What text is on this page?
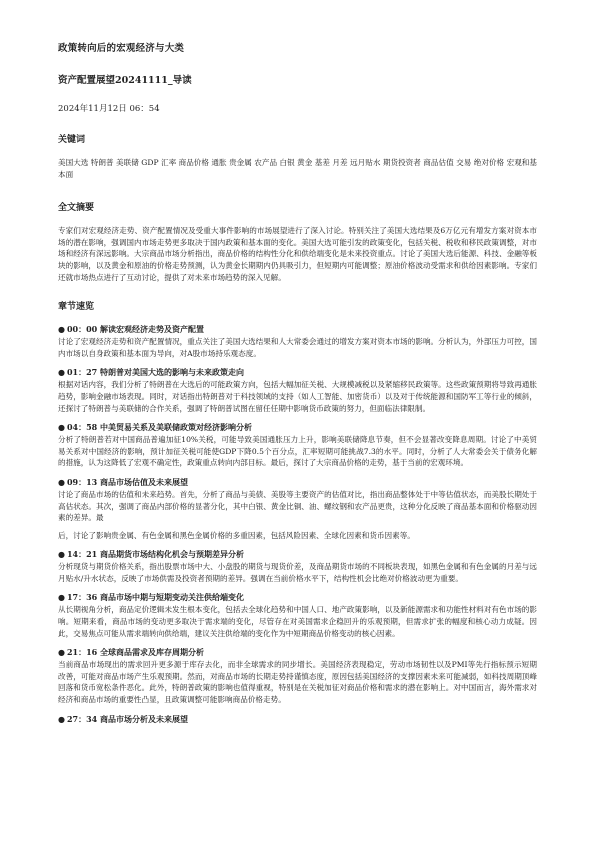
政策转向后的宏观经济与大类
资产配置展望20241111_导读
2024年11月12日 06：54
关键词

美国大选 特朗普 美联储 GDP 汇率 商品价格 通胀 贵金属 农产品 白银 黄金 基差 月差 远月贴水 期货投资者 商品估值 交易 绝对价格 宏观和基本面

全文摘要

专家们对宏观经济走势、资产配置情况及受重大事件影响的市场展望进行了深入讨论。特别关注了美国大选结果及6万亿元有增发方案对资本市场的潜在影响，强调国内市场走势更多取决于国内政策和基本面的变化。美国大选可能引发的政策变化，包括关税、税收和移民政策调整，对市场和经济有深远影响。大宗商品市场分析指出，商品价格的结构性分化和供给端变化是未来投资重点。讨论了美国大选后能源、科技、金融等板块的影响，以及黄金和原油的价格走势预测，认为黄金长期期内仍具吸引力，但短期内可能调整；原油价格波动受需求和供给因素影响。专家们还就市场热点进行了互动讨论，提供了对未来市场趋势的深入见解。

章节速览
● 00：00 解读宏观经济走势及资产配置

讨论了宏观经济走势和资产配置情况，重点关注了美国大选结果和人大常委会通过的增发方案对资本市场的影响。分析认为，外部压力可控，国内市场以自身政策和基本面为导向，对A股市场持乐观态度。

● 01：27 特朗普对美国大选的影响与未来政策走向

根据对话内容，我们分析了特朗普在大选后的可能政策方向，包括大幅加征关税、大规模减税以及紧缩移民政策等。这些政策预期将导致再通胀趋势，影响金融市场表现。同时，对话指出特朗普对于科技领域的支持（如人工智能、加密货币）以及对于传统能源和国防军工等行业的倾斜，还探讨了特朗普与美联储的合作关系，强调了特朗普试图在留任任期中影响货币政策的努力，但面临法律限制。

● 04：58 中美贸易关系及美联储政策对经济影响分析

分析了特朗普若对中国商品普遍加征10%关税，可能导致美国通胀压力上升，影响美联储降息节奏，但不会显著改变降息周期。讨论了中美贸易关系对中国经济的影响，预计加征关税可能使GDP下降0.5个百分点，汇率短期可能挑战7.3的水平。同时，分析了人大常委会关于债务化解的措施，认为这降低了宏观不确定性，政策重点转向内部目标。最后，探讨了大宗商品价格的走势，基于当前的宏观环境。

● 09：13 商品市场估值及未来展望

讨论了商品市场的估值和未来趋势。首先，分析了商品与美债、美股等主要资产的估值对比，指出商品整体处于中等估值状态，而美股长期处于高估状态。其次，强调了商品内部价格的显著分化，其中白银、黄金比铜、油、螺纹钢和农产品更贵，这种分化反映了商品基本面和价格驱动因素的差异。最

后，讨论了影响贵金属、有色金属和黑色金属价格的多重因素，包括风险因素、全球化因素和货币因素等。

● 14：21 商品期货市场结构化机会与预期差异分析

分析现货与期货价格关系，指出股票市场中大、小盘股的期货与现货价差，及商品期货市场的不同板块表现，如黑色金属和有色金属的月差与远月贴水/升水状态，反映了市场供需及投资者预期的差异。强调在当前价格水平下，结构性机会比绝对价格波动更为重要。

● 17：36 商品市场中期与短期变动关注供给端变化

从长期视角分析，商品定价逻辑未发生根本变化，包括去全球化趋势和中国人口、地产政策影响，以及新能源需求和功能性材料对有色市场的影响。短期来看，商品市场的变动更多取决于需求端的变化，尽管存在对美国需求企稳回升的乐观预期，但需求扩张的幅度和核心动力成疑。因此，交易焦点可能从需求端转向供给端，建议关注供给端的变化作为中短期商品价格变动的核心因素。

● 21：16 全球商品需求及库存周期分析

当前商品市场现出的需求回升更多源于库存去化，而非全球需求的同步增长。美国经济表现稳定，劳动市场韧性以及PMI等先行指标预示短期改善，可能对商品市场产生乐观预期。然而，对商品市场的长期走势持谨慎态度，原因包括美国经济的支撑因素未来可能减弱，如科技周期顶峰回落和货币宽松条件恶化。此外，特朗普政策的影响也值得重视，特别是在关税加征对商品价格和需求的潜在影响上。对中国而言，海外需求对经济和商品市场的重要性凸显，且政策调整可能影响商品价格走势。

● 27：34 商品市场分析及未来展望
